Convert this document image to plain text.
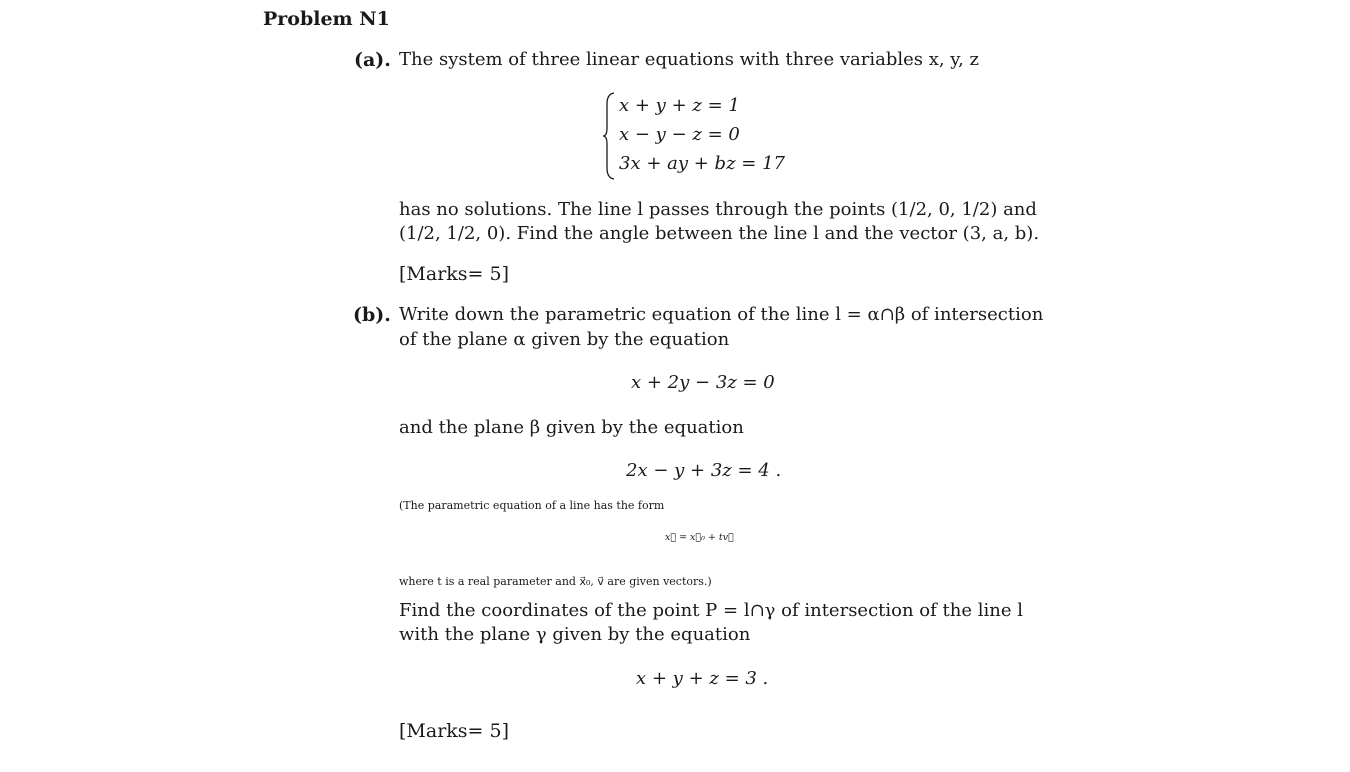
Problem N1
(a). The system of three linear equations with three variables x, y, z
x + y + z = 1
x − y − z = 0
3x + ay + bz = 17
has no solutions. The line l passes through the points (1/2, 0, 1/2) and
(1/2, 1/2, 0). Find the angle between the line l and the vector (3, a, b).
[Marks= 5]
(b). Write down the parametric equation of the line l = α∩β of intersection
of the plane α given by the equation
x + 2y − 3z = 0
and the plane β given by the equation
2x − y + 3z = 4 .
(The parametric equation of a line has the form
x⃗ = x⃗₀ + tv⃗
where t is a real parameter and x⃗₀, v⃗ are given vectors.)
Find the coordinates of the point P = l∩γ of intersection of the line l
with the plane γ given by the equation
x + y + z = 3 .
[Marks= 5]
